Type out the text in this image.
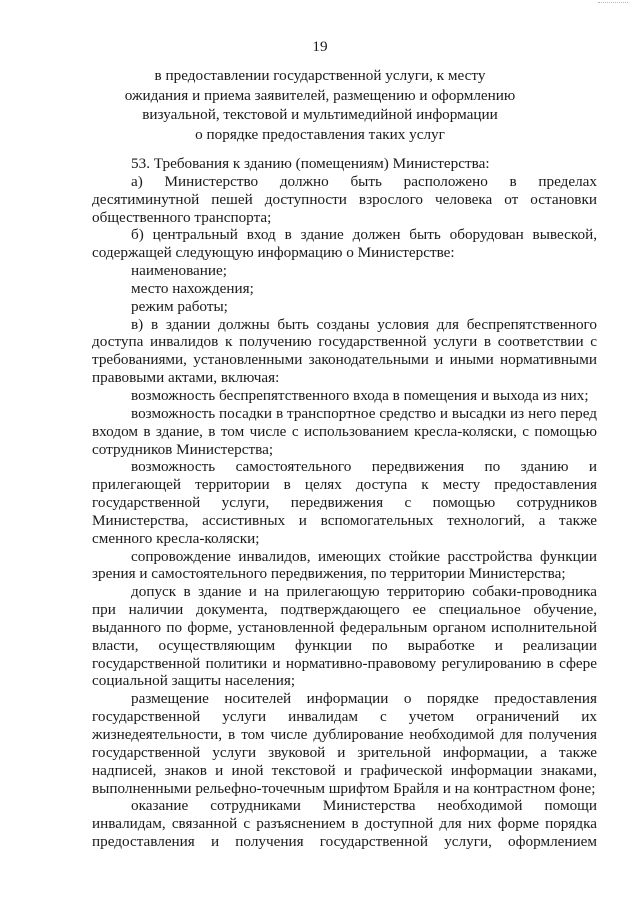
19
в предоставлении государственной услуги, к месту
ожидания и приема заявителей, размещению и оформлению
визуальной, текстовой и мультимедийной информации
о порядке предоставления таких услуг

53. Требования к зданию (помещениям) Министерства:

а) Министерство должно быть расположено в пределах десятиминутной пешей доступности взрослого человека от остановки общественного транспорта;

б) центральный вход в здание должен быть оборудован вывеской, содержащей следующую информацию о Министерстве:

наименование;

место нахождения;

режим работы;

в) в здании должны быть созданы условия для беспрепятственного доступа инвалидов к получению государственной услуги в соответствии с требованиями, установленными законодательными и иными нормативными правовыми актами, включая:

возможность беспрепятственного входа в помещения и выхода из них;

возможность посадки в транспортное средство и высадки из него перед входом в здание, в том числе с использованием кресла-коляски, с помощью сотрудников Министерства;

возможность самостоятельного передвижения по зданию и прилегающей территории в целях доступа к месту предоставления государственной услуги, передвижения с помощью сотрудников Министерства, ассистивных и вспомогательных технологий, а также сменного кресла-коляски;

сопровождение инвалидов, имеющих стойкие расстройства функции зрения и самостоятельного передвижения, по территории Министерства;

допуск в здание и на прилегающую территорию собаки-проводника при наличии документа, подтверждающего ее специальное обучение, выданного по форме, установленной федеральным органом исполнительной власти, осуществляющим функции по выработке и реализации государственной политики и нормативно-правовому регулированию в сфере социальной защиты населения;

размещение носителей информации о порядке предоставления государственной услуги инвалидам с учетом ограничений их жизнедеятельности, в том числе дублирование необходимой для получения государственной услуги звуковой и зрительной информации, а также надписей, знаков и иной текстовой и графической информации знаками, выполненными рельефно-точечным шрифтом Брайля и на контрастном фоне;

оказание сотрудниками Министерства необходимой помощи инвалидам, связанной с разъяснением в доступной для них форме порядка предоставления и получения государственной услуги, оформлением
